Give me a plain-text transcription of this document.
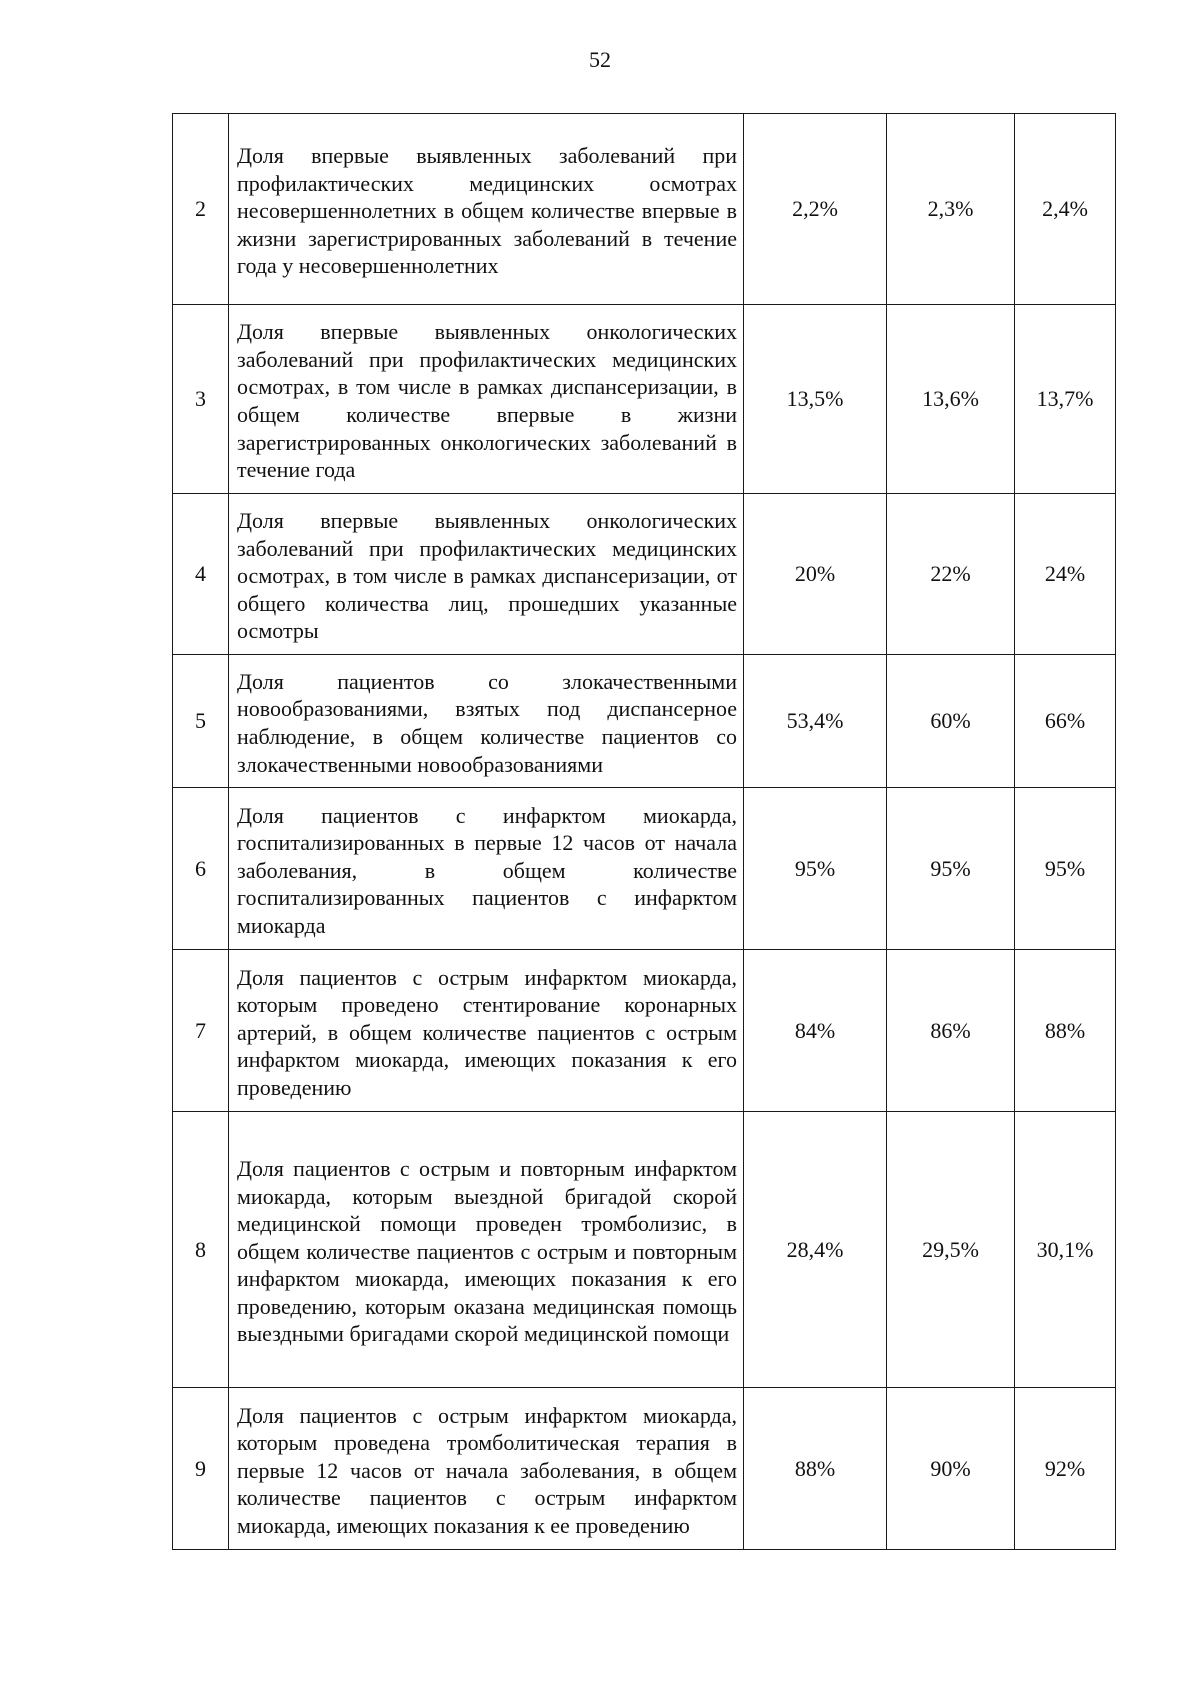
52
2	Доля впервые выявленных заболеваний при профилактических медицинских осмотрах несовершеннолетних в общем количестве впервые в жизни зарегистрированных заболеваний в течение года у несовершеннолетних	2,2%	2,3%	2,4%
3	Доля впервые выявленных онкологических заболеваний при профилактических медицинских осмотрах, в том числе в рамках диспансеризации, в общем количестве впервые в жизни зарегистрированных онкологических заболеваний в течение года	13,5%	13,6%	13,7%
4	Доля впервые выявленных онкологических заболеваний при профилактических медицинских осмотрах, в том числе в рамках диспансеризации, от общего количества лиц, прошедших указанные осмотры	20%	22%	24%
5	Доля пациентов со злокачественными новообразованиями, взятых под диспансерное наблюдение, в общем количестве пациентов со злокачественными новообразованиями	53,4%	60%	66%
6	Доля пациентов с инфарктом миокарда, госпитализированных в первые 12 часов от начала заболевания, в общем количестве госпитализированных пациентов с инфарктом миокарда	95%	95%	95%
7	Доля пациентов с острым инфарктом миокарда, которым проведено стентирование коронарных артерий, в общем количестве пациентов с острым инфарктом миокарда, имеющих показания к его проведению	84%	86%	88%
8	Доля пациентов с острым и повторным инфарктом миокарда, которым выездной бригадой скорой медицинской помощи проведен тромболизис, в общем количестве пациентов с острым и повторным инфарктом миокарда, имеющих показания к его проведению, которым оказана медицинская помощь выездными бригадами скорой медицинской помощи	28,4%	29,5%	30,1%
9	Доля пациентов с острым инфарктом миокарда, которым проведена тромболитическая терапия в первые 12 часов от начала заболевания, в общем количестве пациентов с острым инфарктом миокарда, имеющих показания к ее проведению	88%	90%	92%
